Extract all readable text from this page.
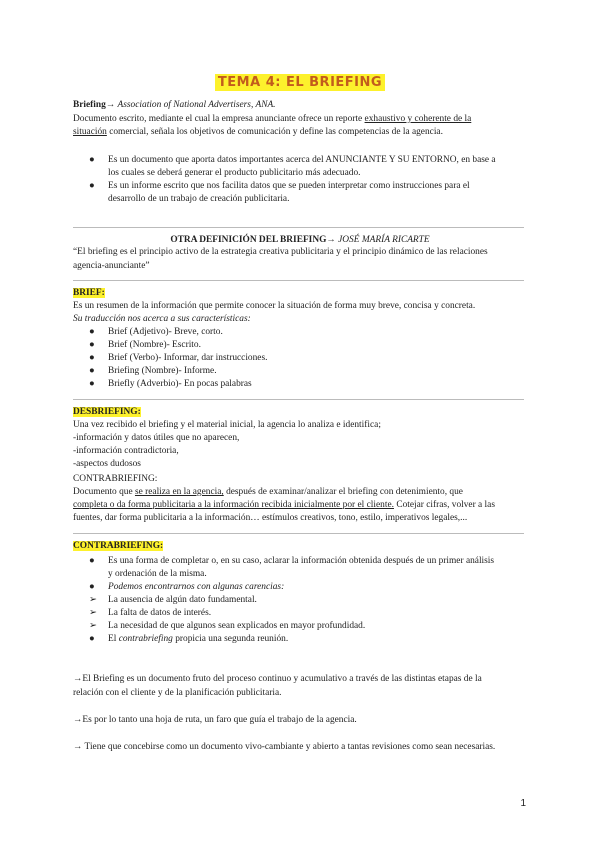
TEMA 4: EL BRIEFING
Briefing→ Association of National Advertisers, ANA.
Documento escrito, mediante el cual la empresa anunciante ofrece un reporte exhaustivo y coherente de la
situación comercial, señala los objetivos de comunicación y define las competencias de la agencia.
● Es un documento que aporta datos importantes acerca del ANUNCIANTE Y SU ENTORNO, en base a
los cuales se deberá generar el producto publicitario más adecuado.
● Es un informe escrito que nos facilita datos que se pueden interpretar como instrucciones para el
desarrollo de un trabajo de creación publicitaria.
OTRA DEFINICIÓN DEL BRIEFING→ JOSÉ MARÍA RICARTE
“El briefing es el principio activo de la estrategia creativa publicitaria y el principio dinámico de las relaciones
agencia-anunciante”
BRIEF:
Es un resumen de la información que permite conocer la situación de forma muy breve, concisa y concreta.
Su traducción nos acerca a sus características:
● Brief (Adjetivo)- Breve, corto.
● Brief (Nombre)- Escrito.
● Brief (Verbo)- Informar, dar instrucciones.
● Briefing (Nombre)- Informe.
● Briefly (Adverbio)- En pocas palabras
DESBRIEFING:
Una vez recibido el briefing y el material inicial, la agencia lo analiza e identifica;
-información y datos útiles que no aparecen,
-información contradictoria,
-aspectos dudosos
CONTRABRIEFING:
Documento que se realiza en la agencia, después de examinar/analizar el briefing con detenimiento, que
completa o da forma publicitaria a la información recibida inicialmente por el cliente. Cotejar cifras, volver a las
fuentes, dar forma publicitaria a la información… estímulos creativos, tono, estilo, imperativos legales,...
CONTRABRIEFING:
● Es una forma de completar o, en su caso, aclarar la información obtenida después de un primer análisis
y ordenación de la misma.
● Podemos encontrarnos con algunas carencias:
➢ La ausencia de algún dato fundamental.
➢ La falta de datos de interés.
➢ La necesidad de que algunos sean explicados en mayor profundidad.
● El contrabriefing propicia una segunda reunión.
→El Briefing es un documento fruto del proceso continuo y acumulativo a través de las distintas etapas de la
relación con el cliente y de la planificación publicitaria.
→Es por lo tanto una hoja de ruta, un faro que guía el trabajo de la agencia.
→ Tiene que concebirse como un documento vivo-cambiante y abierto a tantas revisiones como sean necesarias.
1
